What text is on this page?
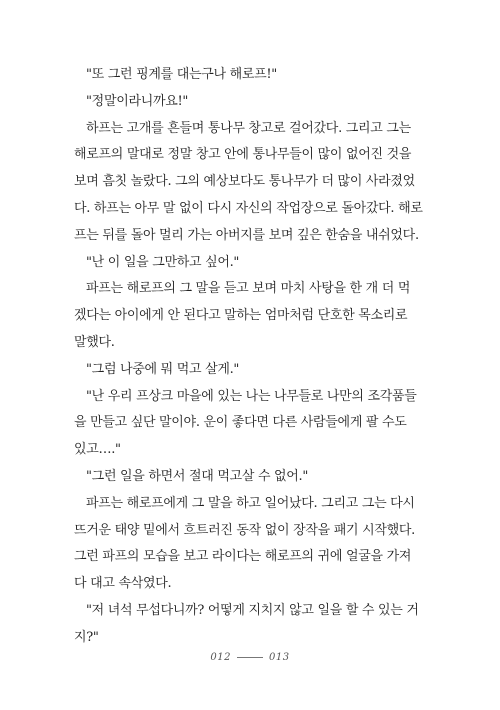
"또 그런 핑계를 대는구나 해로프!"
"정말이라니까요!"
하프는 고개를 흔들며 통나무 창고로 걸어갔다. 그리고 그는
해로프의 말대로 정말 창고 안에 통나무들이 많이 없어진 것을
보며 흠칫 놀랐다. 그의 예상보다도 통나무가 더 많이 사라졌었
다. 하프는 아무 말 없이 다시 자신의 작업장으로 돌아갔다. 해로
프는 뒤를 돌아 멀리 가는 아버지를 보며 깊은 한숨을 내쉬었다.
"난 이 일을 그만하고 싶어."
파프는 해로프의 그 말을 듣고 보며 마치 사탕을 한 개 더 먹
겠다는 아이에게 안 된다고 말하는 엄마처럼 단호한 목소리로
말했다.
"그럼 나중에 뭐 먹고 살게."
"난 우리 프상크 마을에 있는 나는 나무들로 나만의 조각품들
을 만들고 싶단 말이야. 운이 좋다면 다른 사람들에게 팔 수도
있고…."
"그런 일을 하면서 절대 먹고살 수 없어."
파프는 해로프에게 그 말을 하고 일어났다. 그리고 그는 다시
뜨거운 태양 밑에서 흐트러진 동작 없이 장작을 패기 시작했다.
그런 파프의 모습을 보고 라이다는 해로프의 귀에 얼굴을 가져
다 대고 속삭였다.
"저 녀석 무섭다니까? 어떻게 지치지 않고 일을 할 수 있는 거
지?"
012	013
